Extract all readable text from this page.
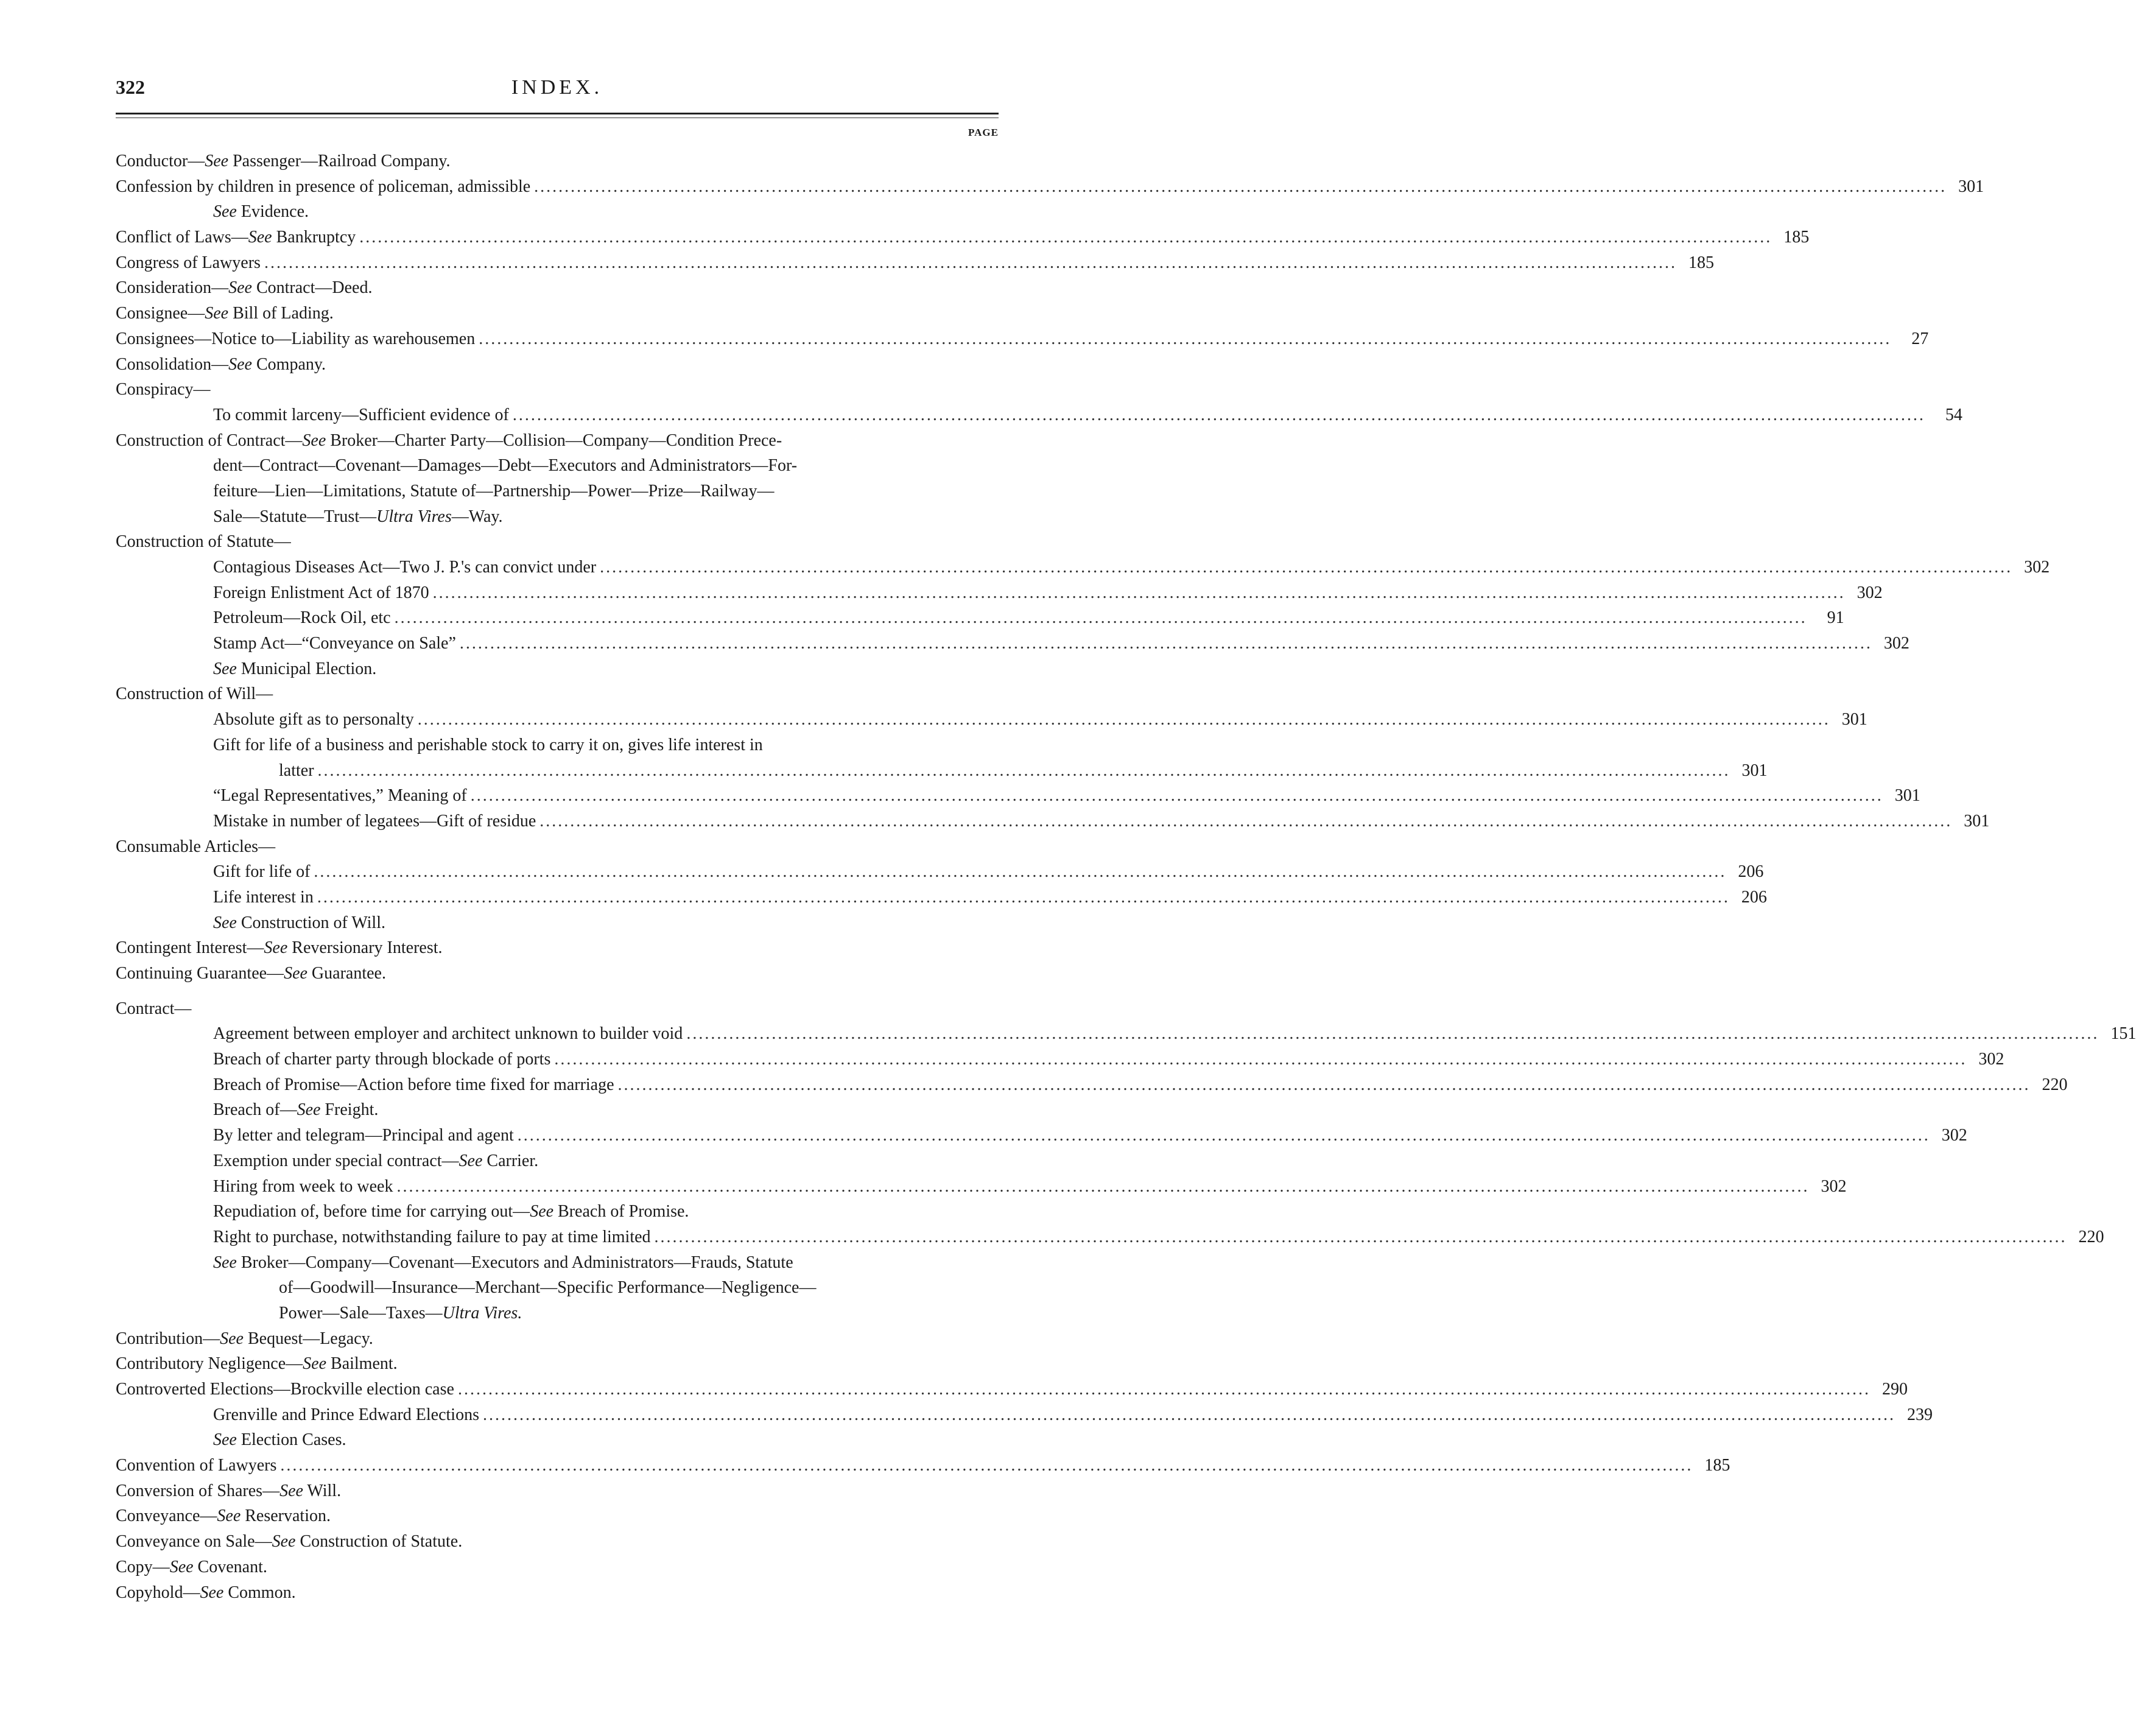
322	INDEX.
PAGE
Conductor—See Passenger—Railroad Company.
Confession by children in presence of policeman, admissible .....	301
See Evidence.
Conflict of Laws—See Bankruptcy .....	185
Congress of Lawyers .....	185
Consideration—See Contract—Deed.
Consignee—See Bill of Lading.
Consignees—Notice to—Liability as warehousemen .....	27
Consolidation—See Company.
Conspiracy—
To commit larceny—Sufficient evidence of .....	54
Construction of Contract—See Broker—Charter Party—Collision—Company—Condition Prece-
dent—Contract—Covenant—Damages—Debt—Executors and Administrators—For-
feiture—Lien—Limitations, Statute of—Partnership—Power—Prize—Railway—
Sale—Statute—Trust—Ultra Vires—Way.
Construction of Statute—
Contagious Diseases Act—Two J. P.'s can convict under .....	302
Foreign Enlistment Act of 1870 .....	302
Petroleum—Rock Oil, etc .....	91
Stamp Act—“Conveyance on Sale” .....	302
See Municipal Election.
Construction of Will—
Absolute gift as to personalty .....	301
Gift for life of a business and perishable stock to carry it on, gives life interest in
latter .....	301
“Legal Representatives,” Meaning of .....	301
Mistake in number of legatees—Gift of residue .....	301
Consumable Articles—
Gift for life of .....	206
Life interest in .....	206
See Construction of Will.
Contingent Interest—See Reversionary Interest.
Continuing Guarantee—See Guarantee.
Contract—
Agreement between employer and architect unknown to builder void .....	151
Breach of charter party through blockade of ports .....	302
Breach of Promise—Action before time fixed for marriage .....	220
Breach of—See Freight.
By letter and telegram—Principal and agent .....	302
Exemption under special contract—See Carrier.
Hiring from week to week .....	302
Repudiation of, before time for carrying out—See Breach of Promise.
Right to purchase, notwithstanding failure to pay at time limited .....	220
See Broker—Company—Covenant—Executors and Administrators—Frauds, Statute
of—Goodwill—Insurance—Merchant—Specific Performance—Negligence—
Power—Sale—Taxes—Ultra Vires.
Contribution—See Bequest—Legacy.
Contributory Negligence—See Bailment.
Controverted Elections—Brockville election case .....	290
Grenville and Prince Edward Elections .....	239
See Election Cases.
Convention of Lawyers .....	185
Conversion of Shares—See Will.
Conveyance—See Reservation.
Conveyance on Sale—See Construction of Statute.
Copy—See Covenant.
Copyhold—See Common.
